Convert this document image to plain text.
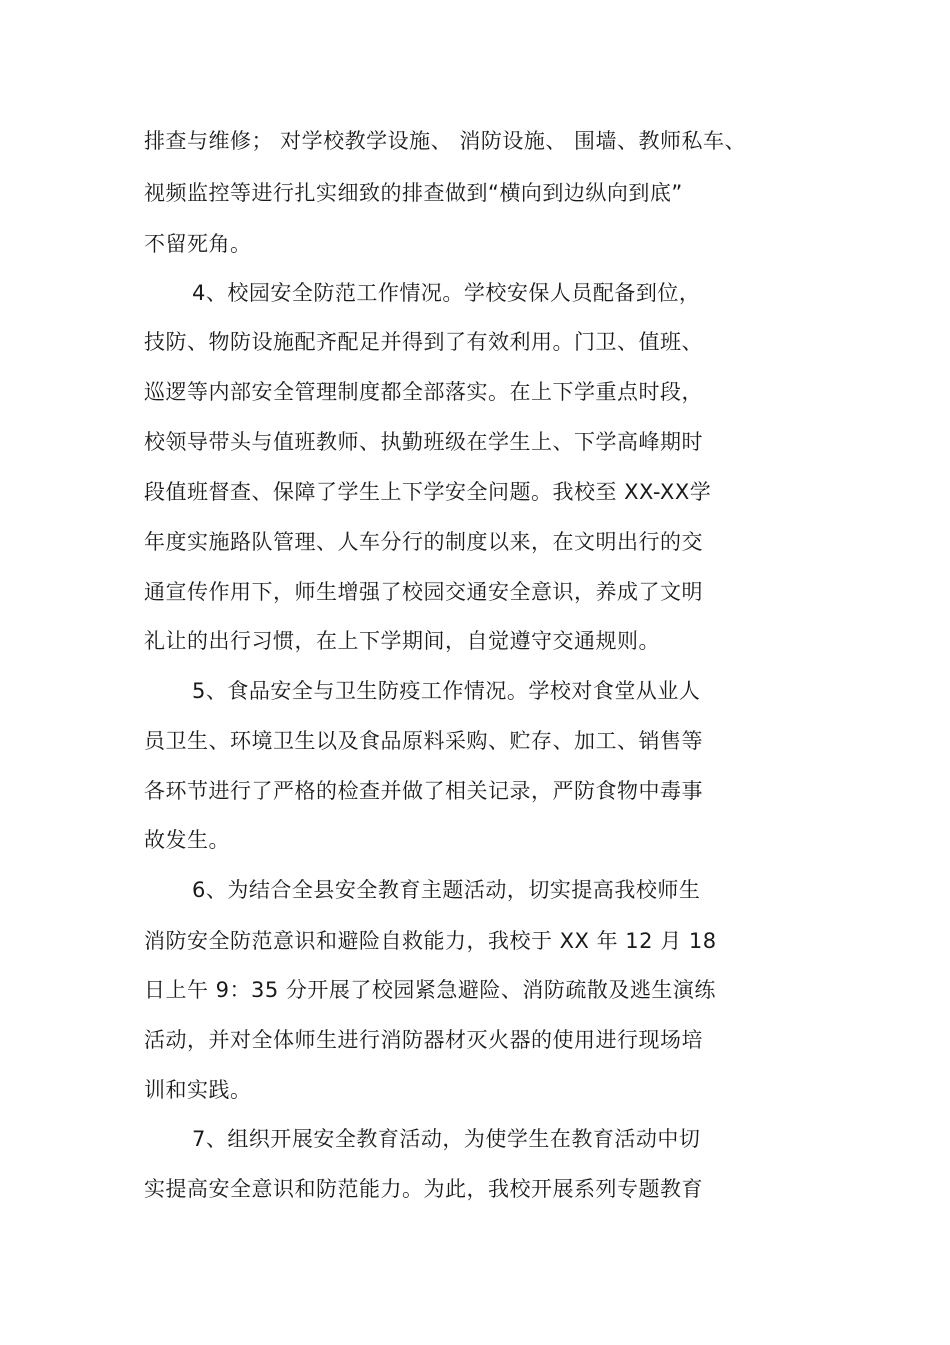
排查与维修； 对学校教学设施、 消防设施、 围墙、教师私车、
视频监控等进行扎实细致的排查做到“横向到边纵向到底”
不留死角。
4、校园安全防范工作情况。学校安保人员配备到位，
技防、物防设施配齐配足并得到了有效利用。门卫、值班、
巡逻等内部安全管理制度都全部落实。在上下学重点时段，
校领导带头与值班教师、执勤班级在学生上、下学高峰期时
段值班督查、保障了学生上下学安全问题。我校至 XX-XX学
年度实施路队管理、人车分行的制度以来，在文明出行的交
通宣传作用下，师生增强了校园交通安全意识，养成了文明
礼让的出行习惯，在上下学期间，自觉遵守交通规则。
5、食品安全与卫生防疫工作情况。学校对食堂从业人
员卫生、环境卫生以及食品原料采购、贮存、加工、销售等
各环节进行了严格的检查并做了相关记录，严防食物中毒事
故发生。
6、为结合全县安全教育主题活动，切实提高我校师生
消防安全防范意识和避险自救能力，我校于 XX 年 12 月 18
日上午 9：35 分开展了校园紧急避险、消防疏散及逃生演练
活动，并对全体师生进行消防器材灭火器的使用进行现场培
训和实践。
7、组织开展安全教育活动，为使学生在教育活动中切
实提高安全意识和防范能力。为此，我校开展系列专题教育
